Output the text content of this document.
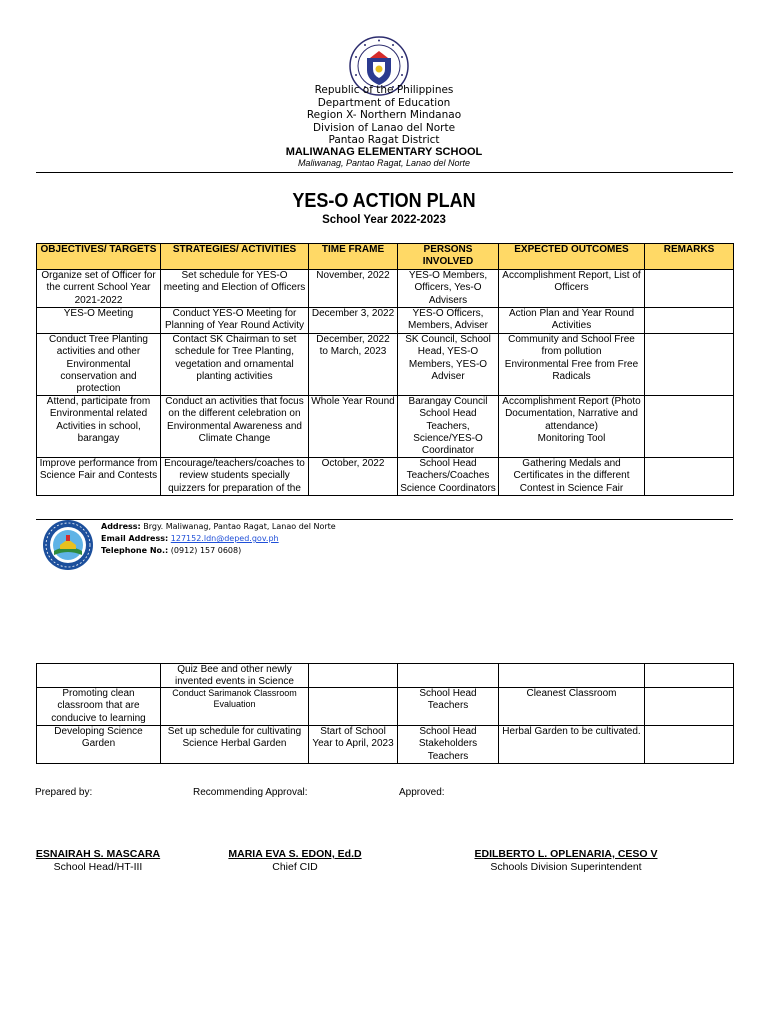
Republic of the Philippines
Department of Education
Region X- Northern Mindanao
Division of Lanao del Norte
Pantao Ragat District
MALIWANAG ELEMENTARY SCHOOL
Maliwanag, Pantao Ragat, Lanao del Norte
YES-O ACTION PLAN
School Year 2022-2023
OBJECTIVES/ TARGETS	STRATEGIES/ ACTIVITIES	TIME FRAME	PERSONS INVOLVED	EXPECTED OUTCOMES	REMARKS

Organize set of Officer for the current School Year 2021-2022	Set schedule for YES-O meeting and Election of Officers	November, 2022	YES-O Members, Officers, Yes-O Advisers	Accomplishment Report, List of Officers	

YES-O Meeting	Conduct YES-O Meeting for Planning of Year Round Activity	December 3, 2022	YES-O Officers, Members, Adviser	Action Plan and Year Round Activities	

Conduct Tree Planting activities and other Environmental conservation and protection	Contact SK Chairman to set schedule for Tree Planting, vegetation and ornamental planting activities	December, 2022 to March, 2023	SK Council, School Head, YES-O Members, YES-O Adviser	Community and School Free from pollution
Environmental Free from Free Radicals	

Attend, participate from Environmental related Activities in school, barangay	Conduct an activities that focus on the different celebration on Environmental Awareness and Climate Change	Whole Year Round	Barangay Council School Head Teachers, Science/YES-O Coordinator	Accomplishment Report (Photo Documentation, Narrative and attendance)
Monitoring Tool	

Improve performance from Science Fair and Contests	Encourage/teachers/coaches to review students specially quizzers for preparation of the	October, 2022	School Head Teachers/Coaches Science Coordinators	Gathering Medals and Certificates in the different Contest in Science Fair	

Address: Brgy. Maliwanag, Pantao Ragat, Lanao del Norte
Email Address: 127152.ldn@deped.gov.ph
Telephone No.: (0912) 157 0608)

	Quiz Bee and other newly invented events in Science				

Promoting clean classroom that are conducive to learning	Conduct Sarimanok Classroom Evaluation		School Head Teachers	Cleanest Classroom	

Developing Science Garden	Set up schedule for cultivating Science Herbal Garden	Start of School Year to April, 2023	School Head Stakeholders Teachers	Herbal Garden to be cultivated.	

Prepared by:	Recommending Approval:	Approved:
ESNAIRAH S. MASCARA
School Head/HT-III
MARIA EVA S. EDON, Ed.D
Chief CID
EDILBERTO L. OPLENARIA, CESO V
Schools Division Superintendent
